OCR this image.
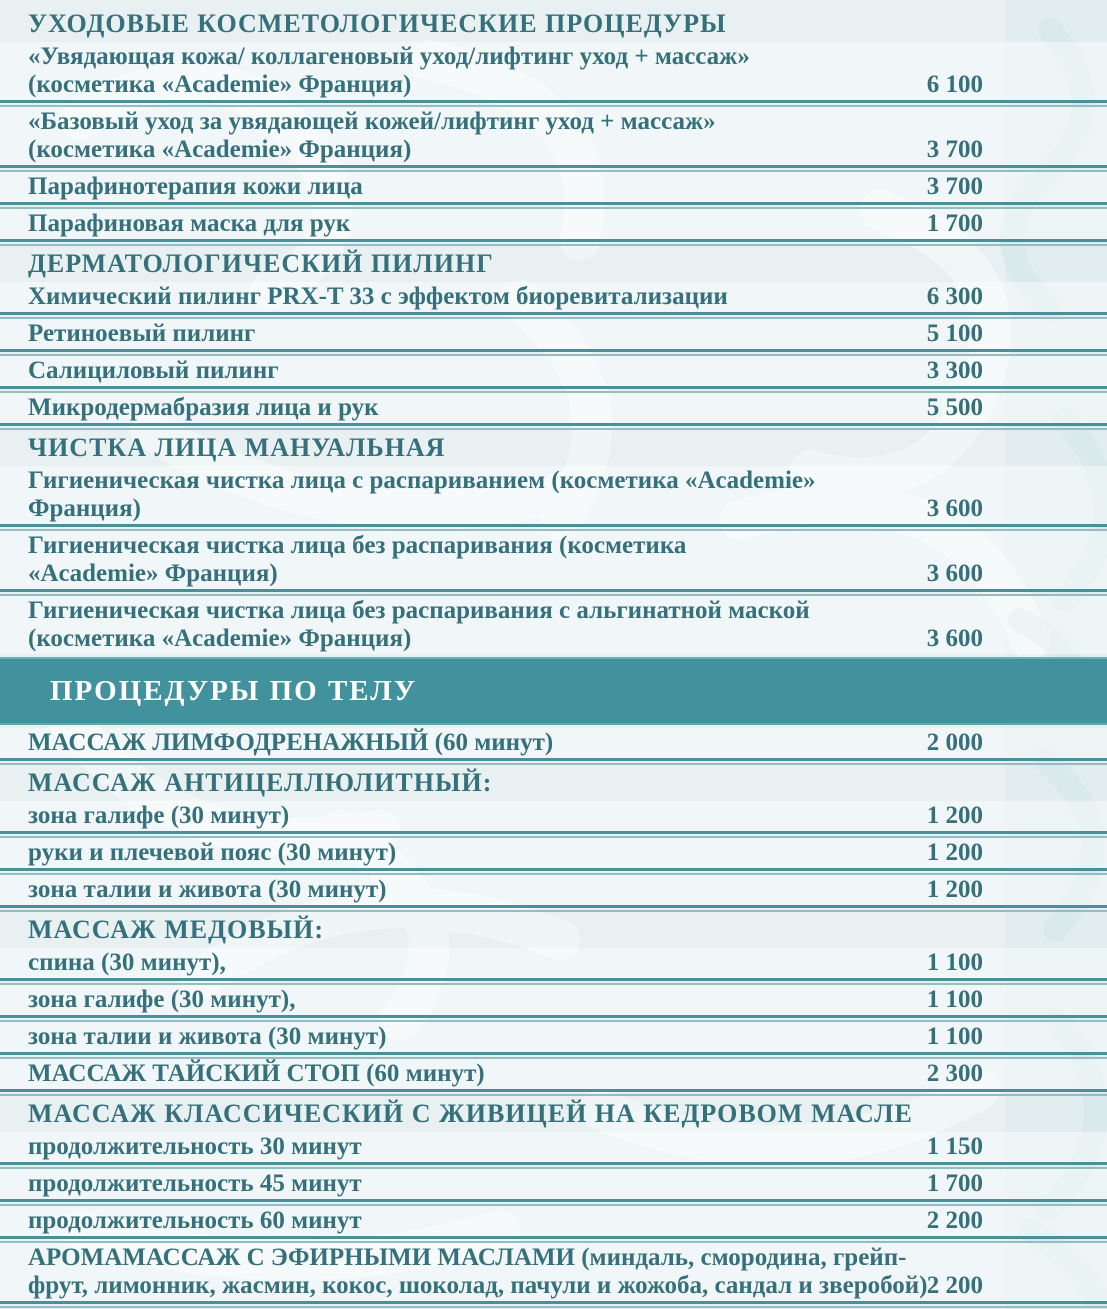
УХОДОВЫЕ КОСМЕТОЛОГИЧЕСКИЕ ПРОЦЕДУРЫ
«Увядающая кожа/ коллагеновый уход/лифтинг уход + массаж»
(косметика «Academie» Франция)	6 100
«Базовый уход за увядающей кожей/лифтинг уход + массаж»
(косметика «Academie» Франция)	3 700
Парафинотерапия кожи лица	3 700
Парафиновая маска для рук	1 700
ДЕРМАТОЛОГИЧЕСКИЙ ПИЛИНГ
Химический пилинг PRX-T 33 с эффектом биоревитализации	6 300
Ретиноевый пилинг	5 100
Салициловый пилинг	3 300
Микродермабразия лица и рук	5 500
ЧИСТКА ЛИЦА МАНУАЛЬНАЯ
Гигиеническая чистка лица с распариванием (косметика «Academie»
Франция)	3 600
Гигиеническая чистка лица без распаривания (косметика
«Academie» Франция)	3 600
Гигиеническая чистка лица без распаривания с альгинатной маской
(косметика «Academie» Франция)	3 600
ПРОЦЕДУРЫ ПО ТЕЛУ
МАССАЖ ЛИМФОДРЕНАЖНЫЙ (60 минут)	2 000
МАССАЖ АНТИЦЕЛЛЮЛИТНЫЙ:
зона галифе (30 минут)	1 200
руки и плечевой пояс (30 минут)	1 200
зона талии и живота (30 минут)	1 200
МАССАЖ МЕДОВЫЙ:
спина (30 минут),	1 100
зона галифе (30 минут),	1 100
зона талии и живота (30 минут)	1 100
МАССАЖ ТАЙСКИЙ СТОП (60 минут)	2 300
МАССАЖ КЛАССИЧЕСКИЙ С ЖИВИЦЕЙ НА КЕДРОВОМ МАСЛЕ
продолжительность 30 минут	1 150
продолжительность 45 минут	1 700
продолжительность 60 минут	2 200
АРОМАМАССАЖ С ЭФИРНЫМИ МАСЛАМИ (миндаль, смородина, грейп-
фрут, лимонник, жасмин, кокос, шоколад, пачули и жожоба, сандал и зверобой) 2 200
